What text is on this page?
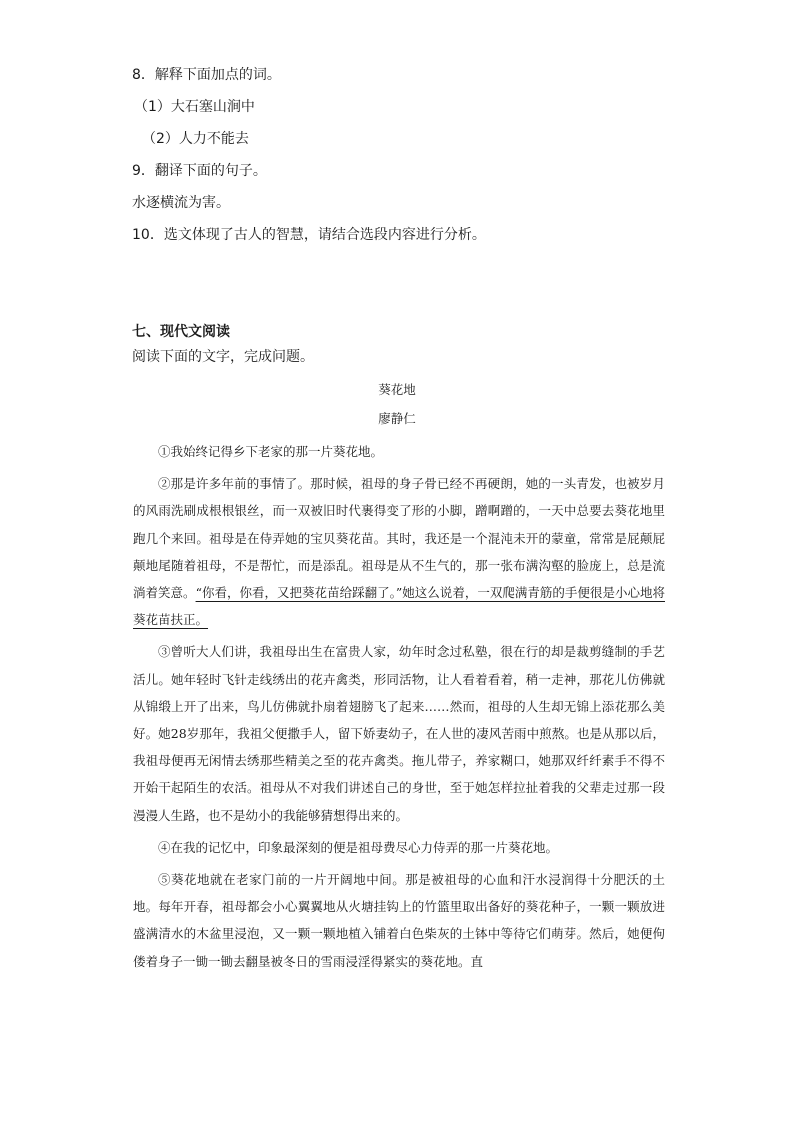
8．解释下面加点的词。
（1）大石塞山涧中
（2）人力不能去
9．翻译下面的句子。
水逐横流为害。
10．选文体现了古人的智慧，请结合选段内容进行分析。
七、现代文阅读
阅读下面的文字，完成问题。
葵花地
廖静仁

①我始终记得乡下老家的那一片葵花地。

②那是许多年前的事情了。那时候，祖母的身子骨已经不再硬朗，她的一头青发，也被岁月的风雨洗刷成根根银丝，而一双被旧时代裹得变了形的小脚，蹭啊蹭的，一天中总要去葵花地里跑几个来回。祖母是在侍弄她的宝贝葵花苗。其时，我还是一个混沌未开的蒙童，常常是屁颠屁颠地尾随着祖母，不是帮忙，而是添乱。祖母是从不生气的，那一张布满沟壑的脸庞上，总是流淌着笑意。“你看，你看，又把葵花苗给踩翻了。”她这么说着，一双爬满青筋的手便很是小心地将葵花苗扶正。

③曾听大人们讲，我祖母出生在富贵人家，幼年时念过私塾，很在行的却是裁剪缝制的手艺活儿。她年轻时飞针走线绣出的花卉禽类，形同活物，让人看着看着，稍一走神，那花儿仿佛就从锦缎上开了出来，鸟儿仿佛就扑扇着翅膀飞了起来……然而，祖母的人生却无锦上添花那么美好。她28岁那年，我祖父便撒手人，留下娇妻幼子，在人世的凄风苦雨中煎熬。也是从那以后，我祖母便再无闲情去绣那些精美之至的花卉禽类。拖儿带子，养家糊口，她那双纤纤素手不得不开始干起陌生的农活。祖母从不对我们讲述自己的身世，至于她怎样拉扯着我的父辈走过那一段漫漫人生路，也不是幼小的我能够猜想得出来的。

④在我的记忆中，印象最深刻的便是祖母费尽心力侍弄的那一片葵花地。

⑤葵花地就在老家门前的一片开阔地中间。那是被祖母的心血和汗水浸润得十分肥沃的土地。每年开春，祖母都会小心翼翼地从火塘挂钩上的竹篮里取出备好的葵花种子，一颗一颗放进盛满清水的木盆里浸泡，又一颗一颗地植入铺着白色柴灰的土钵中等待它们萌芽。然后，她便佝偻着身子一锄一锄去翻垦被冬日的雪雨浸淫得紧实的葵花地。直
